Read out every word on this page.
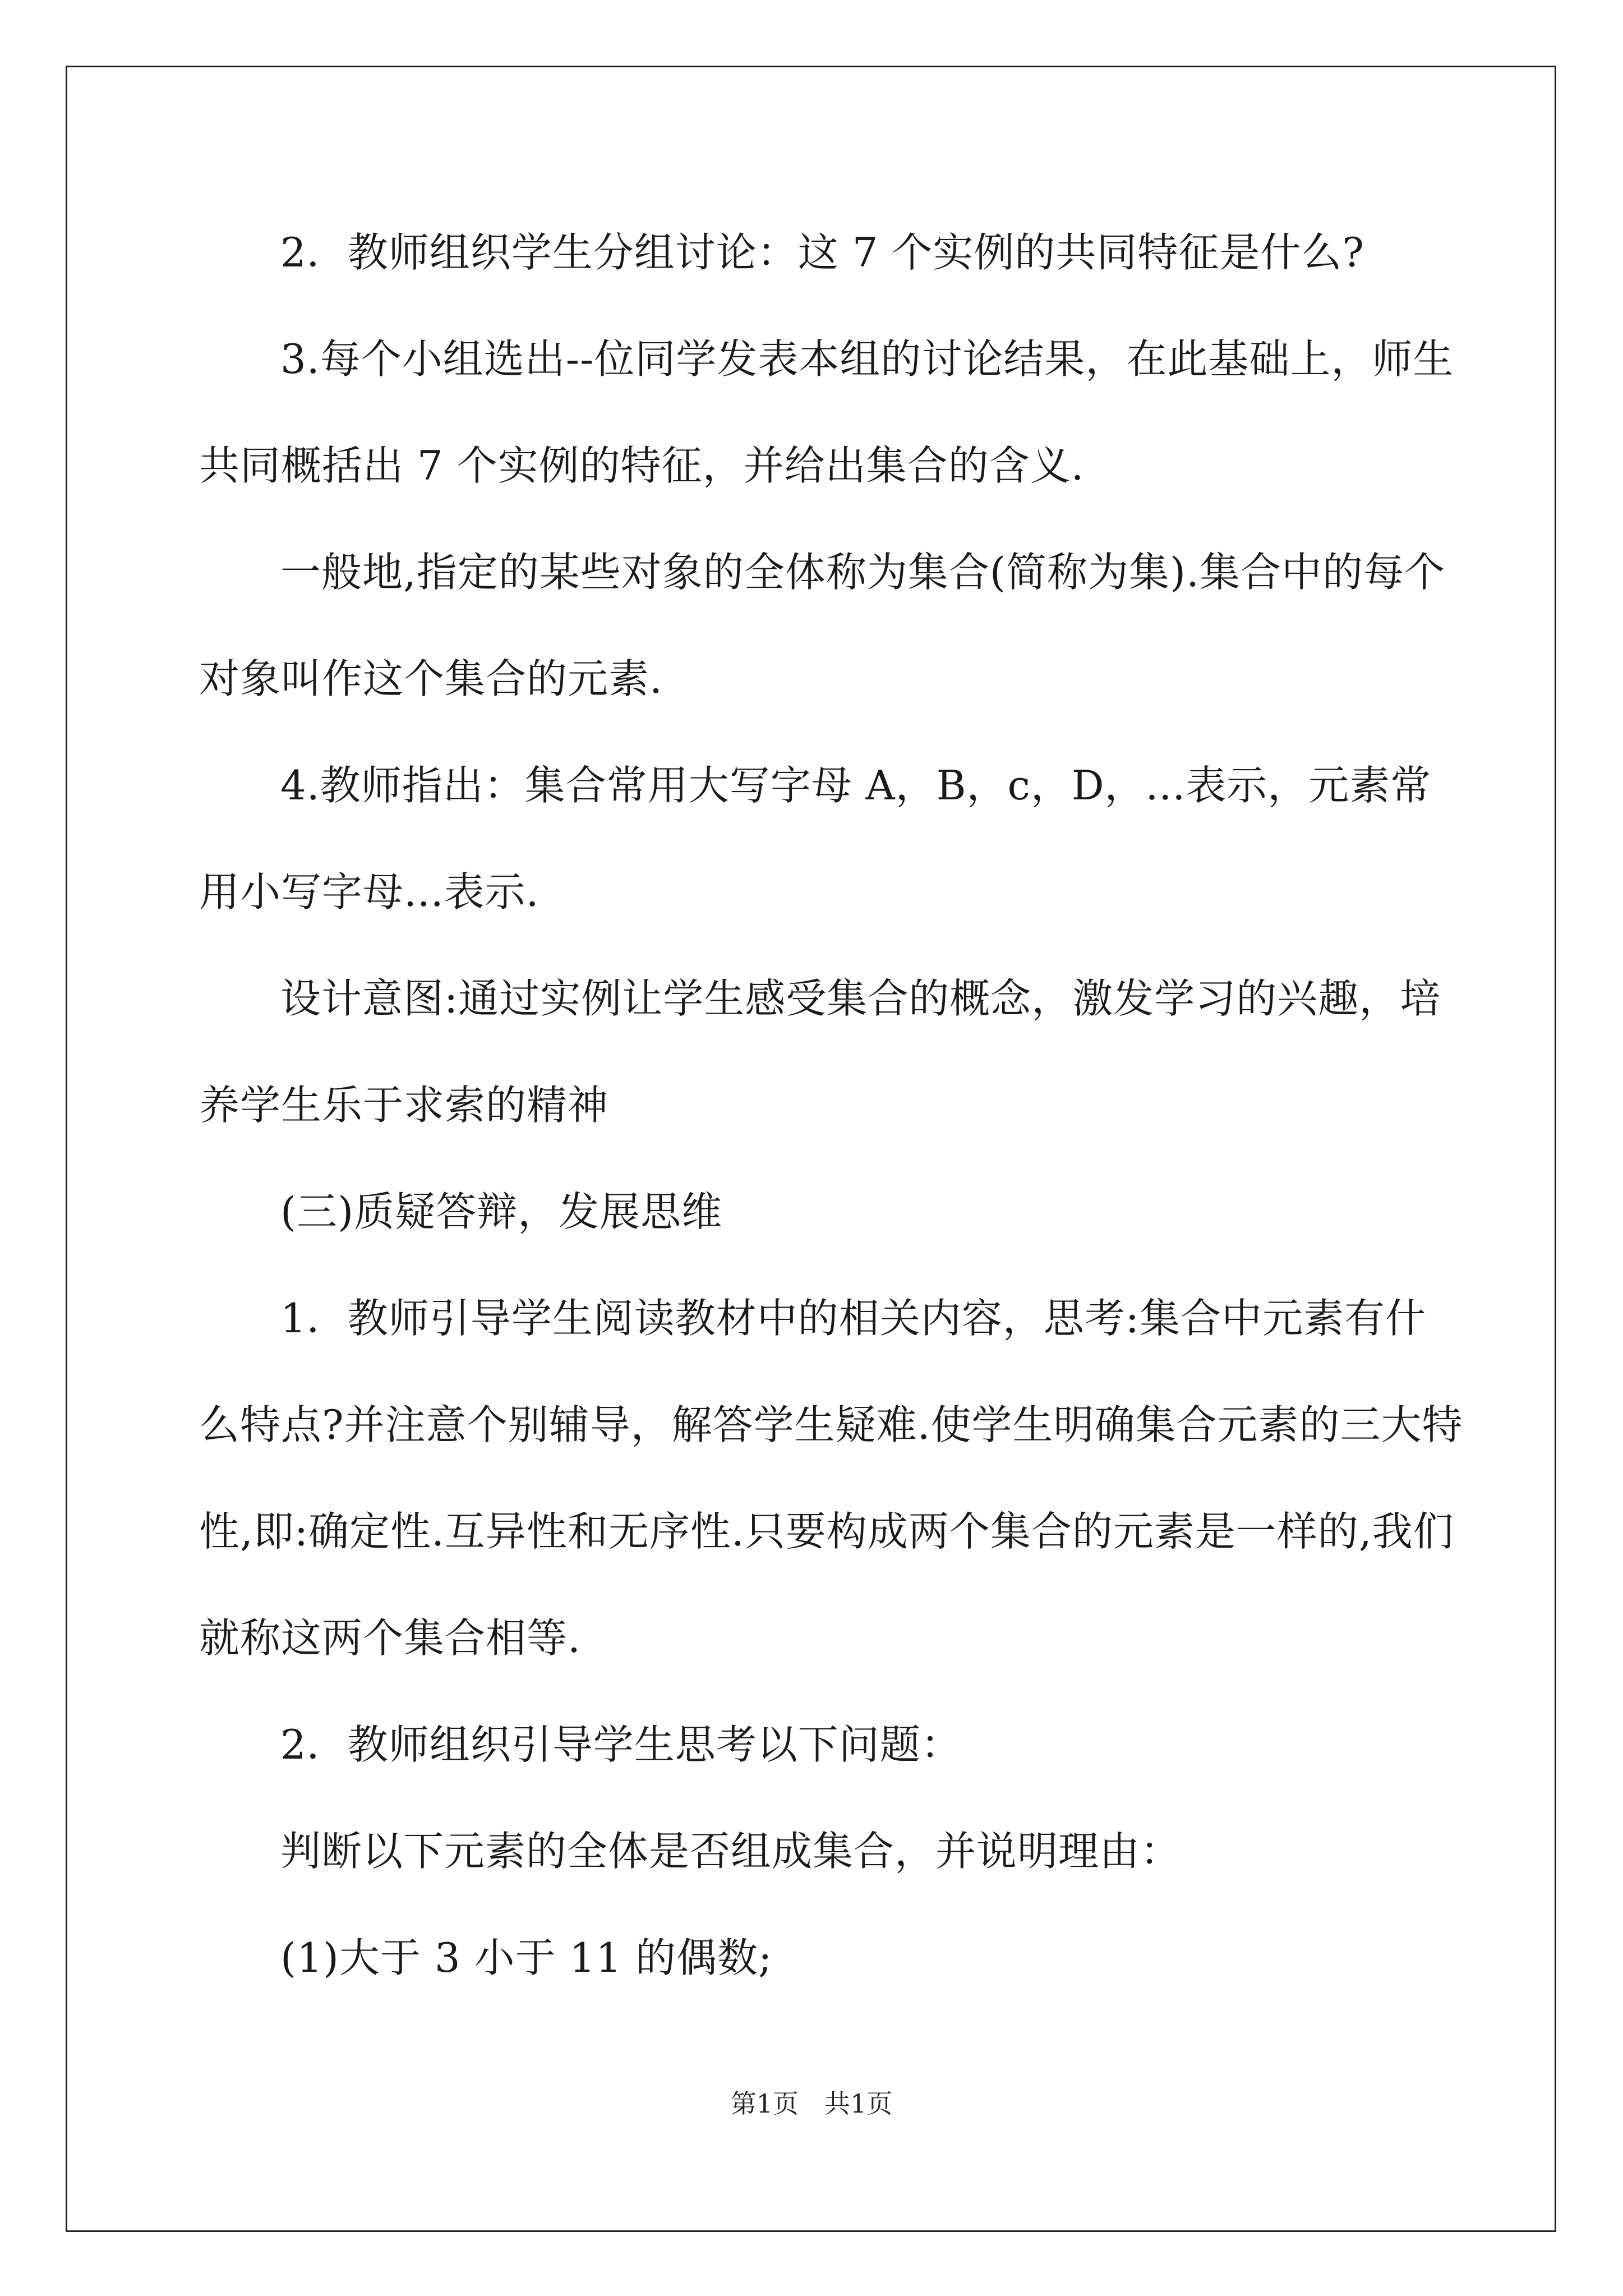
2．教师组织学生分组讨论：这 7 个实例的共同特征是什么?

3.每个小组选出--位同学发表本组的讨论结果，在此基础上，师生共同概括出 7 个实例的特征，并给出集合的含义.

一般地,指定的某些对象的全体称为集合(简称为集).集合中的每个对象叫作这个集合的元素.

4.教师指出：集合常用大写字母 A，B，c，D，...表示，元素常用小写字母...表示.

设计意图:通过实例让学生感受集合的概念，激发学习的兴趣，培养学生乐于求索的精神

(三)质疑答辩，发展思维

1．教师引导学生阅读教材中的相关内容，思考:集合中元素有什么特点?并注意个别辅导，解答学生疑难.使学生明确集合元素的三大特性,即:确定性.互异性和无序性.只要构成两个集合的元素是一样的,我们就称这两个集合相等.

2．教师组织引导学生思考以下问题：

判断以下元素的全体是否组成集合，并说明理由：

(1)大于 3 小于 11 的偶数;

第1页　共1页
